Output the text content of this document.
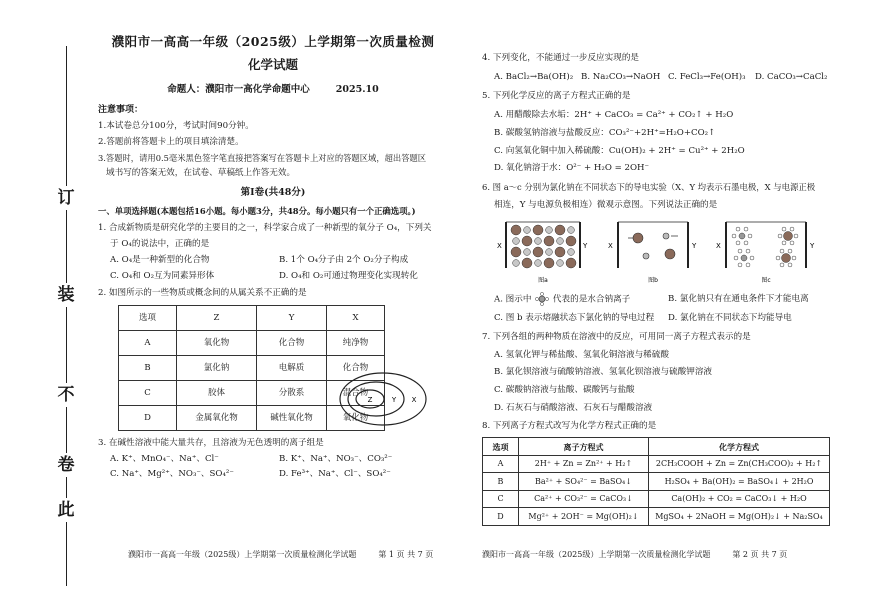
订
装
不
卷
此
濮阳市一高高一年级（2025级）上学期第一次质量检测
化学试题
命题人：濮阳市一高化学命题中心	2025.10
注意事项：
1.本试卷总分100分，考试时间90分钟。
2.答题前将答题卡上的项目填涂清楚。
3.答题时，请用0.5毫米黑色签字笔直接把答案写在答题卡上对应的答题区域，超出答题区
域书写的答案无效，在试卷、草稿纸上作答无效。
第Ⅰ卷(共48分)
一、单项选择题(本题包括16小题。每小题3分，共48分。每小题只有一个正确选项。)
1. 合成新物质是研究化学的主要目的之一，科学家合成了一种新型的氧分子 O₄，下列关
于 O₄的说法中，正确的是
A. O₄是一种新型的化合物	B. 1个 O₄分子由 2个 O₂分子构成
C. O₄和 O₂互为同素异形体	D. O₄和 O₂可通过物理变化实现转化
2. 如图所示的一些物质或概念间的从属关系不正确的是
选项	Z	Y	X
A	氧化物	化合物	纯净物
B	氯化钠	电解质	化合物
C	胶体	分散系	混合物
D	金属氧化物	碱性氧化物	氧化物
3. 在碱性溶液中能大量共存，且溶液为无色透明的离子组是
A. K⁺、MnO₄⁻、Na⁺、Cl⁻	B. K⁺、Na⁺、NO₃⁻、CO₃²⁻
C. Na⁺、Mg²⁺、NO₃⁻、SO₄²⁻	D. Fe³⁺、Na⁺、Cl⁻、SO₄²⁻
Z	Y X
濮阳市一高高一年级（2025级）上学期第一次质量检测化学试题	第 1 页 共 7 页
4. 下列变化，不能通过一步反应实现的是
A. BaCl₂→Ba(OH)₂ B. Na₂CO₃→NaOH C. FeCl₃→Fe(OH)₃	D. CaCO₃→CaCl₂
5. 下列化学反应的离子方程式正确的是
A. 用醋酸除去水垢：2H⁺ + CaCO₃ = Ca²⁺ + CO₂↑ + H₂O
B. 碳酸氢钠溶液与盐酸反应：CO₃²⁻+2H⁺=H₂O+CO₂↑
C. 向氢氧化铜中加入稀硫酸：Cu(OH)₂ + 2H⁺ = Cu²⁺ + 2H₂O
D. 氧化钠溶于水：O²⁻ + H₂O = 2OH⁻
6. 图 a～c 分别为氯化钠在不同状态下的导电实验（X、Y 均表示石墨电极，X 与电源正极
相连，Y 与电源负极相连）微观示意图。下列说法正确的是
X	Y
图a
X	Y
图b
X	Y
图c
A. 图示中 代表的是水合钠离子	B. 氯化钠只有在通电条件下才能电离
C. 图 b 表示熔融状态下氯化钠的导电过程	D. 氯化钠在不同状态下均能导电
7. 下列各组的两种物质在溶液中的反应，可用同一离子方程式表示的是
A. 氢氧化钾与稀盐酸、氢氧化铜溶液与稀硫酸
B. 氯化钡溶液与硫酸钠溶液、氢氧化钡溶液与硫酸钾溶液
C. 碳酸钠溶液与盐酸、碳酸钙与盐酸
D. 石灰石与硝酸溶液、石灰石与醋酸溶液
8. 下列离子方程式改写为化学方程式正确的是
选项	离子方程式	化学方程式
A	2H⁺ + Zn = Zn²⁺ + H₂↑	2CH₃COOH + Zn = Zn(CH₃COO)₂ + H₂↑
B	Ba²⁺ + SO₄²⁻ = BaSO₄↓	H₂SO₄ + Ba(OH)₂ = BaSO₄↓ + 2H₂O
C	Ca²⁺ + CO₃²⁻ = CaCO₃↓	Ca(OH)₂ + CO₂ = CaCO₃↓ + H₂O
D	Mg²⁺ + 2OH⁻ = Mg(OH)₂↓	MgSO₄ + 2NaOH = Mg(OH)₂↓ + Na₂SO₄
濮阳市一高高一年级（2025级）上学期第一次质量检测化学试题	第 2 页 共 7 页
